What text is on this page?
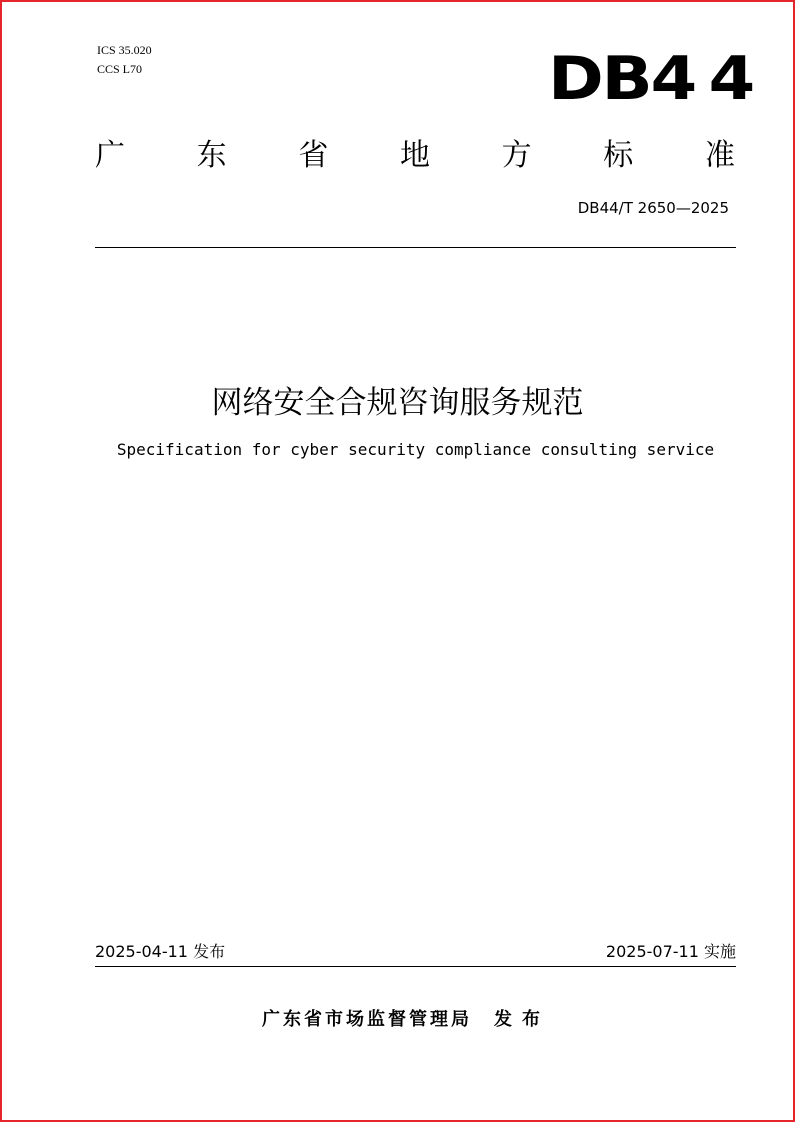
ICS 35.020
CCS L70	DB44
广 东 省 地 方 标 准
DB44/T 2650—2025
网络安全合规咨询服务规范
Specification for cyber security compliance consulting service
2025-04-11 发布	2025-07-11 实施
广东省市场监督管理局 发布
